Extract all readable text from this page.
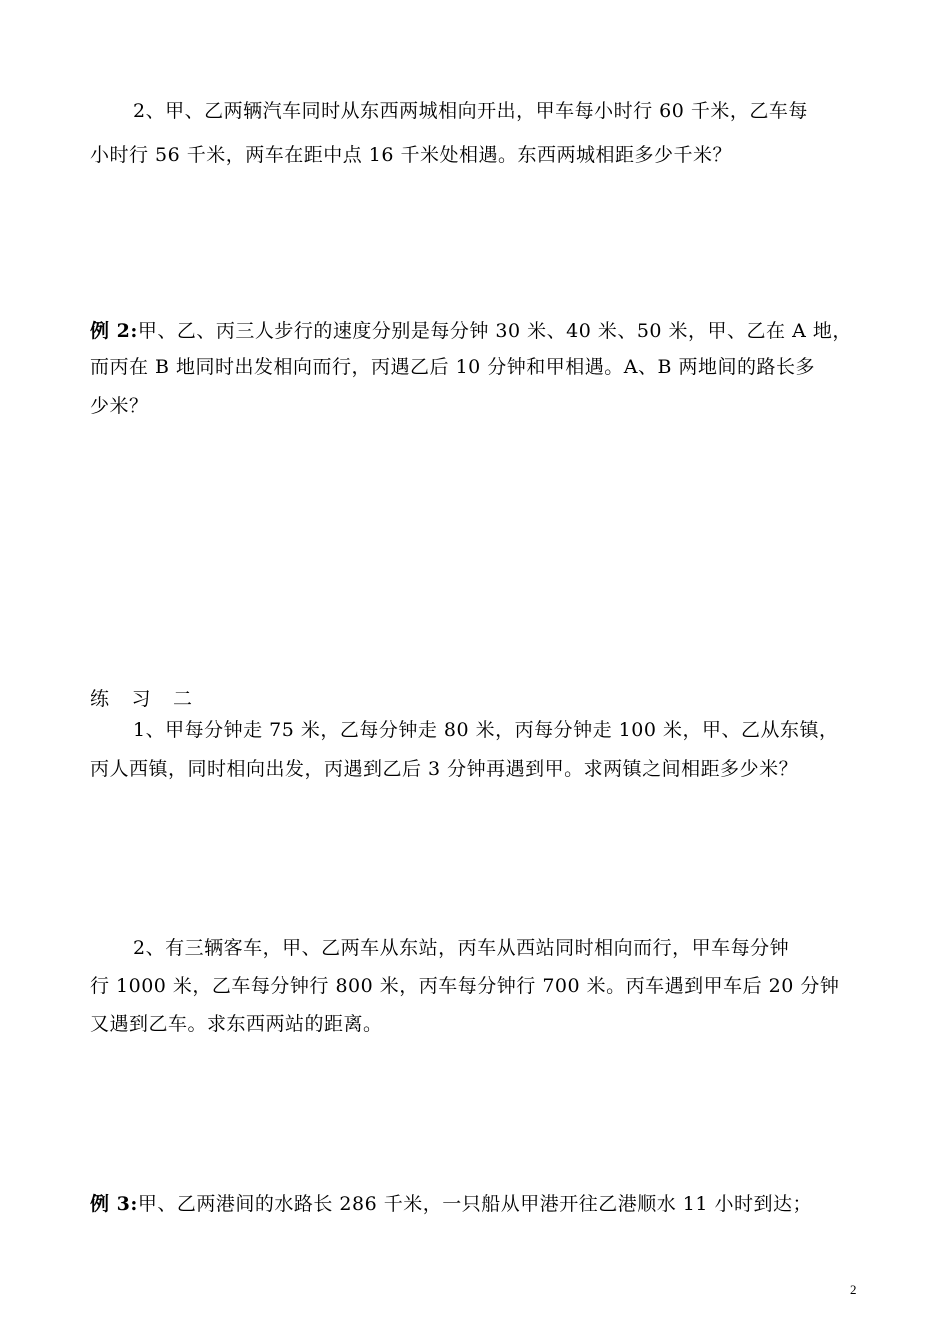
2、甲、乙两辆汽车同时从东西两城相向开出，甲车每小时行 60 千米，乙车每
小时行 56 千米，两车在距中点 16 千米处相遇。东西两城相距多少千米？
例 2:甲、乙、丙三人步行的速度分别是每分钟 30 米、40 米、50 米，甲、乙在 A 地，
而丙在 B 地同时出发相向而行，丙遇乙后 10 分钟和甲相遇。A、B 两地间的路长多
少米？
练 习 二
1、甲每分钟走 75 米，乙每分钟走 80 米，丙每分钟走 100 米，甲、乙从东镇，
丙人西镇，同时相向出发，丙遇到乙后 3 分钟再遇到甲。求两镇之间相距多少米？
2、有三辆客车，甲、乙两车从东站，丙车从西站同时相向而行，甲车每分钟
行 1000 米，乙车每分钟行 800 米，丙车每分钟行 700 米。丙车遇到甲车后 20 分钟
又遇到乙车。求东西两站的距离。
例 3:甲、乙两港间的水路长 286 千米，一只船从甲港开往乙港顺水 11 小时到达；
2
